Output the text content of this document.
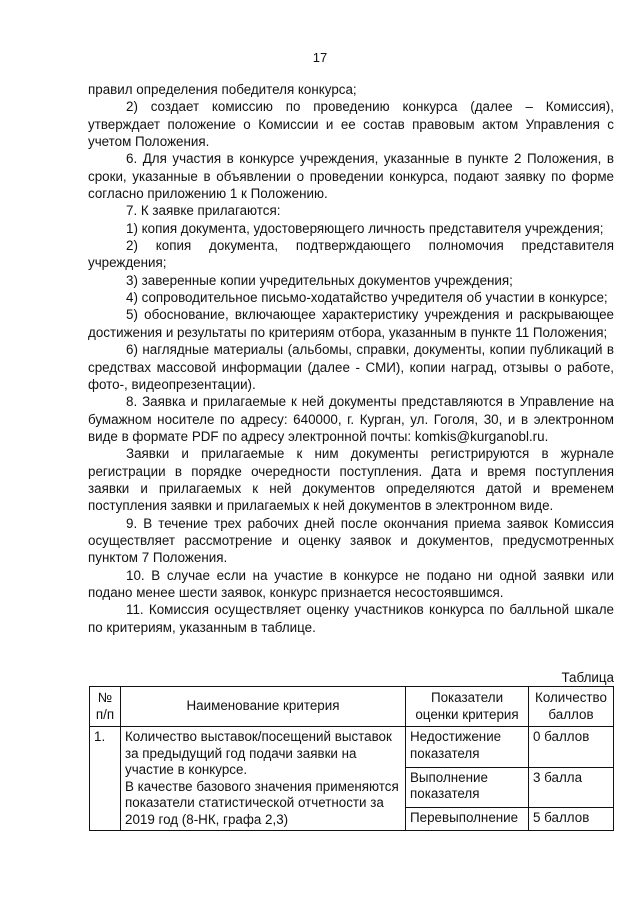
17

правил определения победителя конкурса;

2) создает комиссию по проведению конкурса (далее – Комиссия), утверждает положение о Комиссии и ее состав правовым актом Управления с учетом Положения.

6. Для участия в конкурсе учреждения, указанные в пункте 2 Положения, в сроки, указанные в объявлении о проведении конкурса, подают заявку по форме согласно приложению 1 к Положению.

7. К заявке прилагаются:

1) копия документа, удостоверяющего личность представителя учреждения;

2) копия документа, подтверждающего полномочия представителя учреждения;

3) заверенные копии учредительных документов учреждения;

4) сопроводительное письмо-ходатайство учредителя об участии в конкурсе;

5) обоснование, включающее характеристику учреждения и раскрывающее достижения и результаты по критериям отбора, указанным в пункте 11 Положения;

6) наглядные материалы (альбомы, справки, документы, копии публикаций в средствах массовой информации (далее - СМИ), копии наград, отзывы о работе, фото-, видеопрезентации).

8. Заявка и прилагаемые к ней документы представляются в Управление на бумажном носителе по адресу: 640000, г. Курган, ул. Гоголя, 30, и в электронном виде в формате PDF по адресу электронной почты: komkis@kurganobl.ru.

Заявки и прилагаемые к ним документы регистрируются в журнале регистрации в порядке очередности поступления. Дата и время поступления заявки и прилагаемых к ней документов определяются датой и временем поступления заявки и прилагаемых к ней документов в электронном виде.

9. В течение трех рабочих дней после окончания приема заявок Комиссия осуществляет рассмотрение и оценку заявок и документов, предусмотренных пунктом 7 Положения.

10. В случае если на участие в конкурсе не подано ни одной заявки или подано менее шести заявок, конкурс признается несостоявшимся.

11. Комиссия осуществляет оценку участников конкурса по балльной шкале по критериям, указанным в таблице.

Таблица
№ п/п	Наименование критерия	Показатели оценки критерия	Количество баллов
1.	Количество выставок/посещений выставок за предыдущий год подачи заявки на участие в конкурсе.
В качестве базового значения применяются показатели статистической отчетности за 2019 год (8-НК, графа 2,3)	Недостижение показателя	0 баллов
		Выполнение показателя	3 балла
		Перевыполнение	5 баллов
